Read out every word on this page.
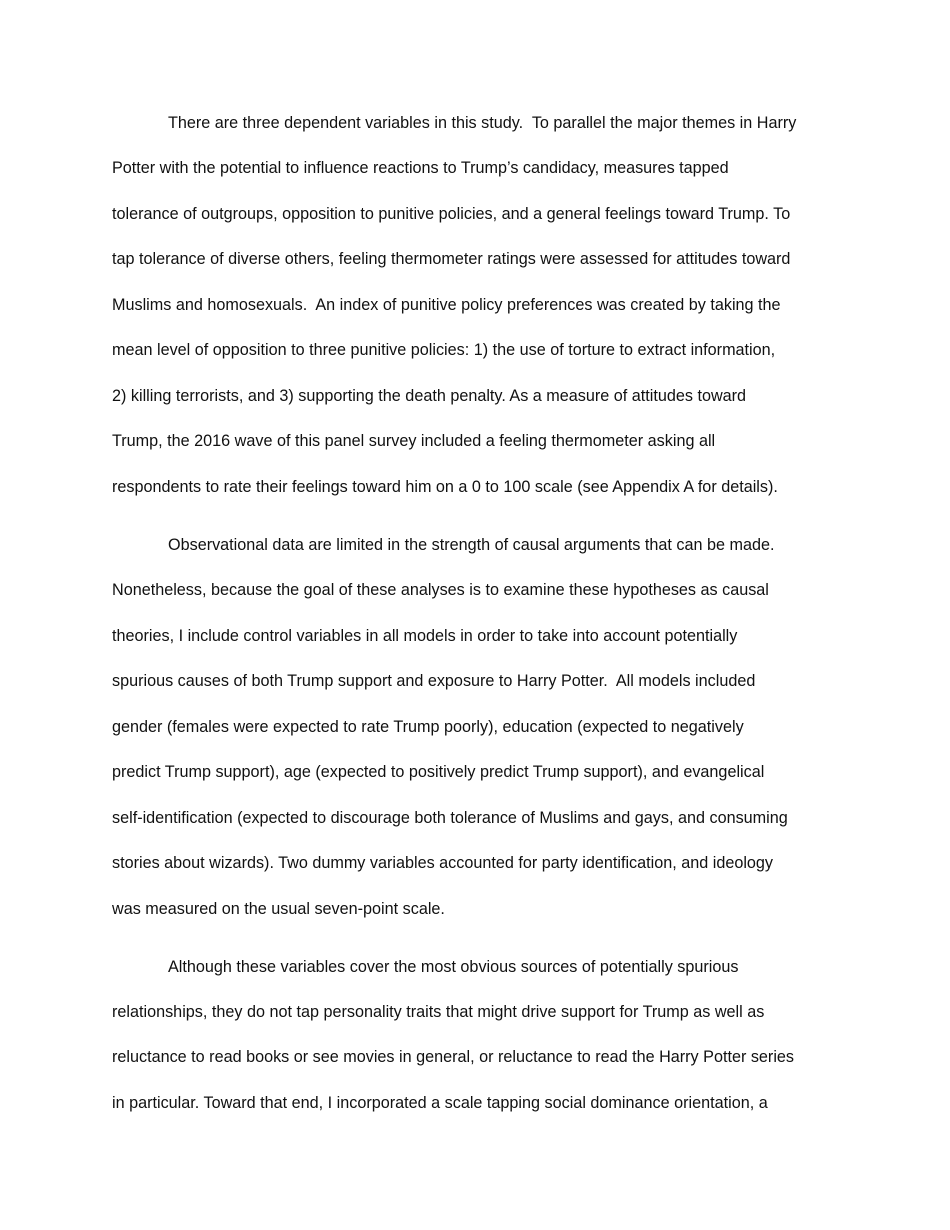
There are three dependent variables in this study.  To parallel the major themes in Harry

Potter with the potential to influence reactions to Trump’s candidacy, measures tapped

tolerance of outgroups, opposition to punitive policies, and a general feelings toward Trump. To

tap tolerance of diverse others, feeling thermometer ratings were assessed for attitudes toward

Muslims and homosexuals.  An index of punitive policy preferences was created by taking the

mean level of opposition to three punitive policies: 1) the use of torture to extract information,

2) killing terrorists, and 3) supporting the death penalty. As a measure of attitudes toward

Trump, the 2016 wave of this panel survey included a feeling thermometer asking all

respondents to rate their feelings toward him on a 0 to 100 scale (see Appendix A for details).

Observational data are limited in the strength of causal arguments that can be made.

Nonetheless, because the goal of these analyses is to examine these hypotheses as causal

theories, I include control variables in all models in order to take into account potentially

spurious causes of both Trump support and exposure to Harry Potter.  All models included

gender (females were expected to rate Trump poorly), education (expected to negatively

predict Trump support), age (expected to positively predict Trump support), and evangelical

self-identification (expected to discourage both tolerance of Muslims and gays, and consuming

stories about wizards). Two dummy variables accounted for party identification, and ideology

was measured on the usual seven-point scale.

Although these variables cover the most obvious sources of potentially spurious

relationships, they do not tap personality traits that might drive support for Trump as well as

reluctance to read books or see movies in general, or reluctance to read the Harry Potter series

in particular. Toward that end, I incorporated a scale tapping social dominance orientation, a
